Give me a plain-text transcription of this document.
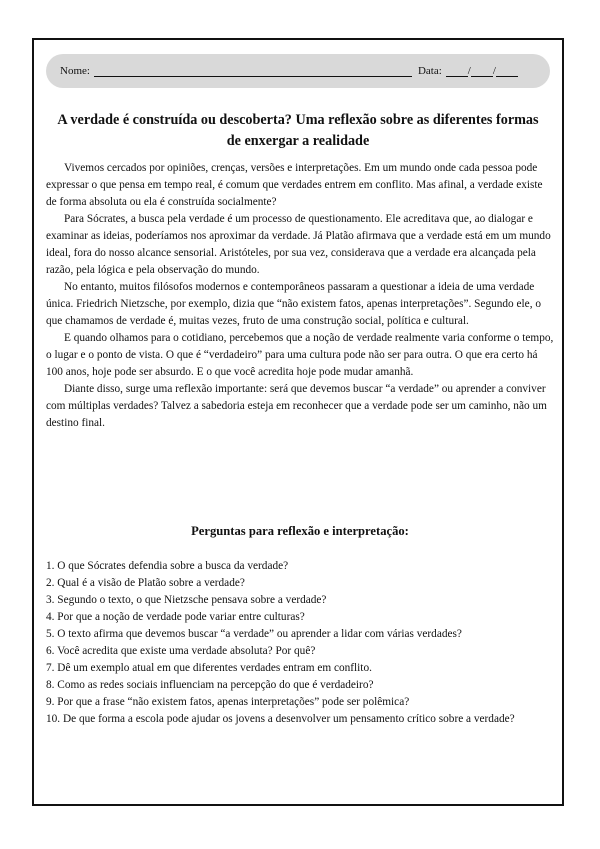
Nome:	Data: / /
A verdade é construída ou descoberta? Uma reflexão sobre as diferentes formas de enxergar a realidade

Vivemos cercados por opiniões, crenças, versões e interpretações. Em um mundo onde cada pessoa pode expressar o que pensa em tempo real, é comum que verdades entrem em conflito. Mas afinal, a verdade existe de forma absoluta ou ela é construída socialmente?

Para Sócrates, a busca pela verdade é um processo de questionamento. Ele acreditava que, ao dialogar e examinar as ideias, poderíamos nos aproximar da verdade. Já Platão afirmava que a verdade está em um mundo ideal, fora do nosso alcance sensorial. Aristóteles, por sua vez, considerava que a verdade era alcançada pela razão, pela lógica e pela observação do mundo.

No entanto, muitos filósofos modernos e contemporâneos passaram a questionar a ideia de uma verdade única. Friedrich Nietzsche, por exemplo, dizia que “não existem fatos, apenas interpretações”. Segundo ele, o que chamamos de verdade é, muitas vezes, fruto de uma construção social, política e cultural.

E quando olhamos para o cotidiano, percebemos que a noção de verdade realmente varia conforme o tempo, o lugar e o ponto de vista. O que é “verdadeiro” para uma cultura pode não ser para outra. O que era certo há 100 anos, hoje pode ser absurdo. E o que você acredita hoje pode mudar amanhã.

Diante disso, surge uma reflexão importante: será que devemos buscar “a verdade” ou aprender a conviver com múltiplas verdades? Talvez a sabedoria esteja em reconhecer que a verdade pode ser um caminho, não um destino final.

Perguntas para reflexão e interpretação:
1. O que Sócrates defendia sobre a busca da verdade?
2. Qual é a visão de Platão sobre a verdade?
3. Segundo o texto, o que Nietzsche pensava sobre a verdade?
4. Por que a noção de verdade pode variar entre culturas?
5. O texto afirma que devemos buscar “a verdade” ou aprender a lidar com várias verdades?
6. Você acredita que existe uma verdade absoluta? Por quê?
7. Dê um exemplo atual em que diferentes verdades entram em conflito.
8. Como as redes sociais influenciam na percepção do que é verdadeiro?
9. Por que a frase “não existem fatos, apenas interpretações” pode ser polêmica?
10. De que forma a escola pode ajudar os jovens a desenvolver um pensamento crítico sobre a verdade?
